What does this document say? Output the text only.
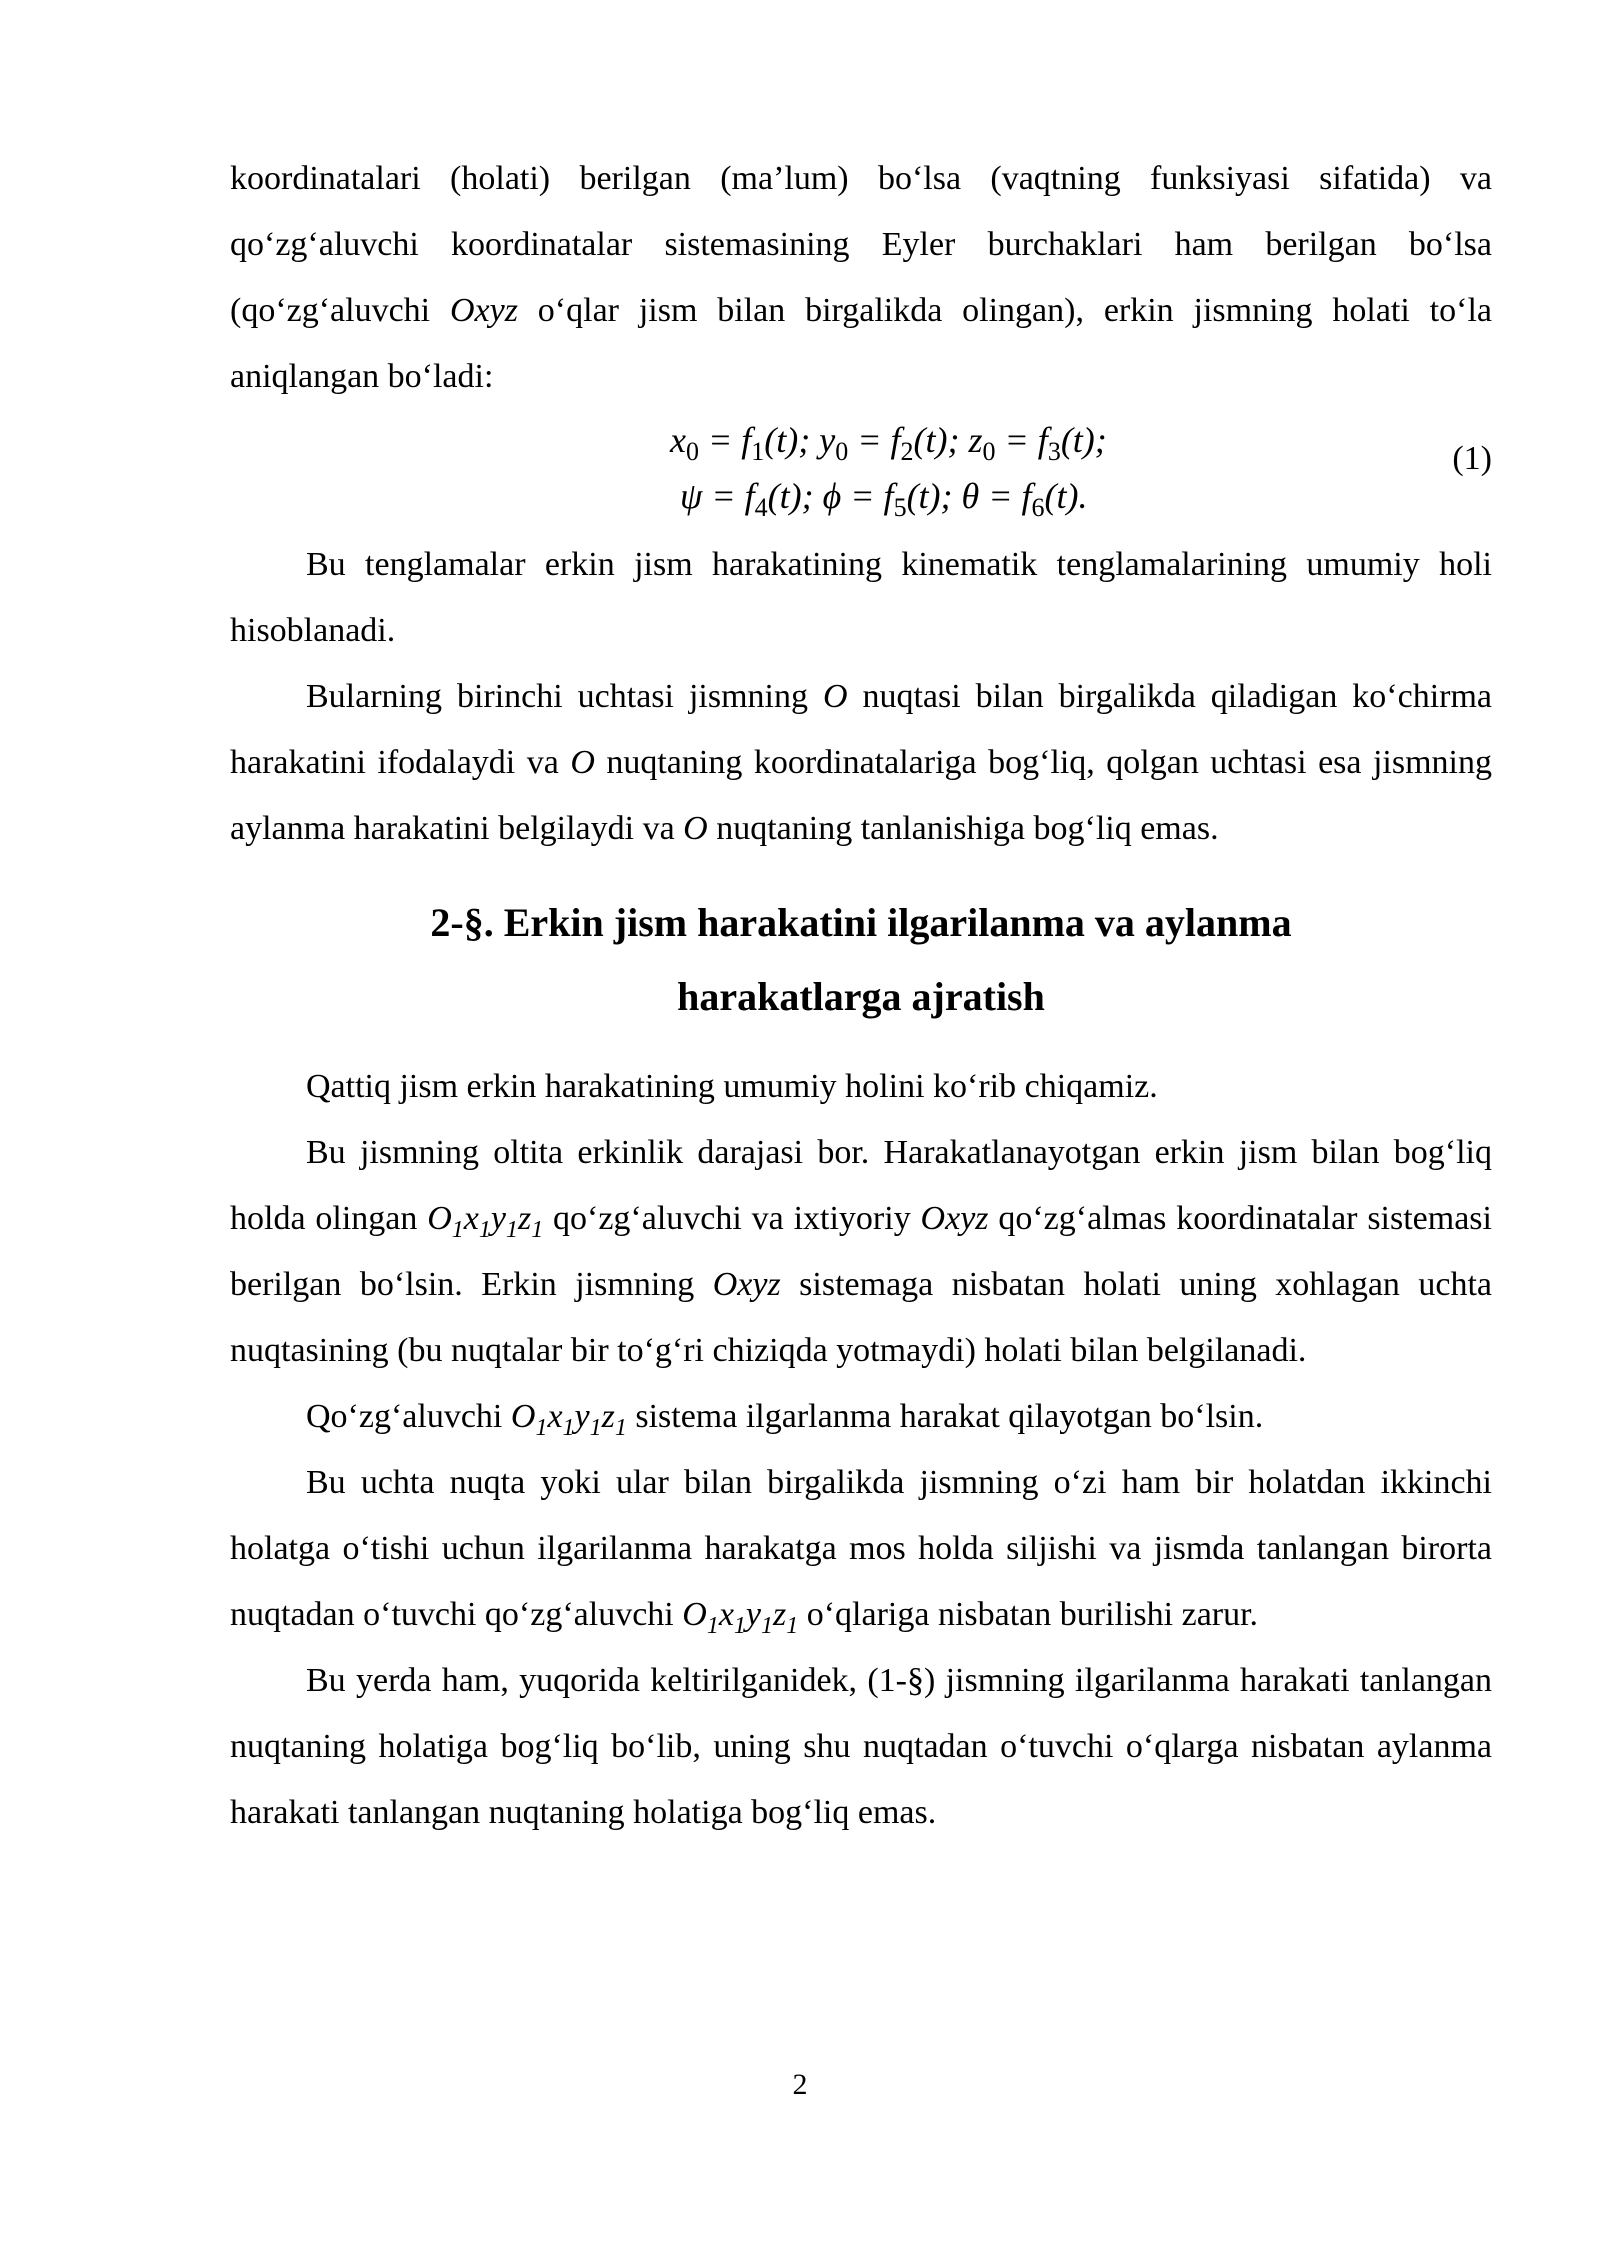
koordinatalari (holati) berilgan (ma’lum) bo‘lsa (vaqtning funksiyasi sifatida) va qo‘zg‘aluvchi koordinatalar sistemasining Eyler burchaklari ham berilgan bo‘lsa (qo‘zg‘aluvchi Oxyz o‘qlar jism bilan birgalikda olingan), erkin jismning holati to‘la aniqlangan bo‘ladi:

$x_0 = f_1(t)$; $y_0 = f_2(t)$; $z_0 = f_3(t)$;
$\psi = f_4(t)$; $\phi = f_5(t)$; $\theta = f_6(t)$.
(1)

Bu tenglamalar erkin jism harakatining kinematik tenglamalarining umumiy holi hisoblanadi.

Bularning birinchi uchtasi jismning O nuqtasi bilan birgalikda qiladigan ko‘chirma harakatini ifodalaydi va O nuqtaning koordinatalariga bog‘liq, qolgan uchtasi esa jismning aylanma harakatini belgilaydi va O nuqtaning tanlanishiga bog‘liq emas.

2-§. Erkin jism harakatini ilgarilanma va aylanma
harakatlarga ajratish

Qattiq jism erkin harakatining umumiy holini ko‘rib chiqamiz.

Bu jismning oltita erkinlik darajasi bor. Harakatlanayotgan erkin jism bilan bog‘liq holda olingan $O_1x_1y_1z_1$ qo‘zg‘aluvchi va ixtiyoriy Oxyz qo‘zg‘almas koordinatalar sistemasi berilgan bo‘lsin. Erkin jismning Oxyz sistemaga nisbatan holati uning xohlagan uchta nuqtasining (bu nuqtalar bir to‘g‘ri chiziqda yotmaydi) holati bilan belgilanadi.

Qo‘zg‘aluvchi $O_1x_1y_1z_1$ sistema ilgarlanma harakat qilayotgan bo‘lsin.

Bu uchta nuqta yoki ular bilan birgalikda jismning o‘zi ham bir holatdan ikkinchi holatga o‘tishi uchun ilgarilanma harakatga mos holda siljishi va jismda tanlangan birorta nuqtadan o‘tuvchi qo‘zg‘aluvchi $O_1x_1y_1z_1$ o‘qlariga nisbatan burilishi zarur.

Bu yerda ham, yuqorida keltirilganidek, (1-§) jismning ilgarilanma harakati tanlangan nuqtaning holatiga bog‘liq bo‘lib, uning shu nuqtadan o‘tuvchi o‘qlarga nisbatan aylanma harakati tanlangan nuqtaning holatiga bog‘liq emas.

2
